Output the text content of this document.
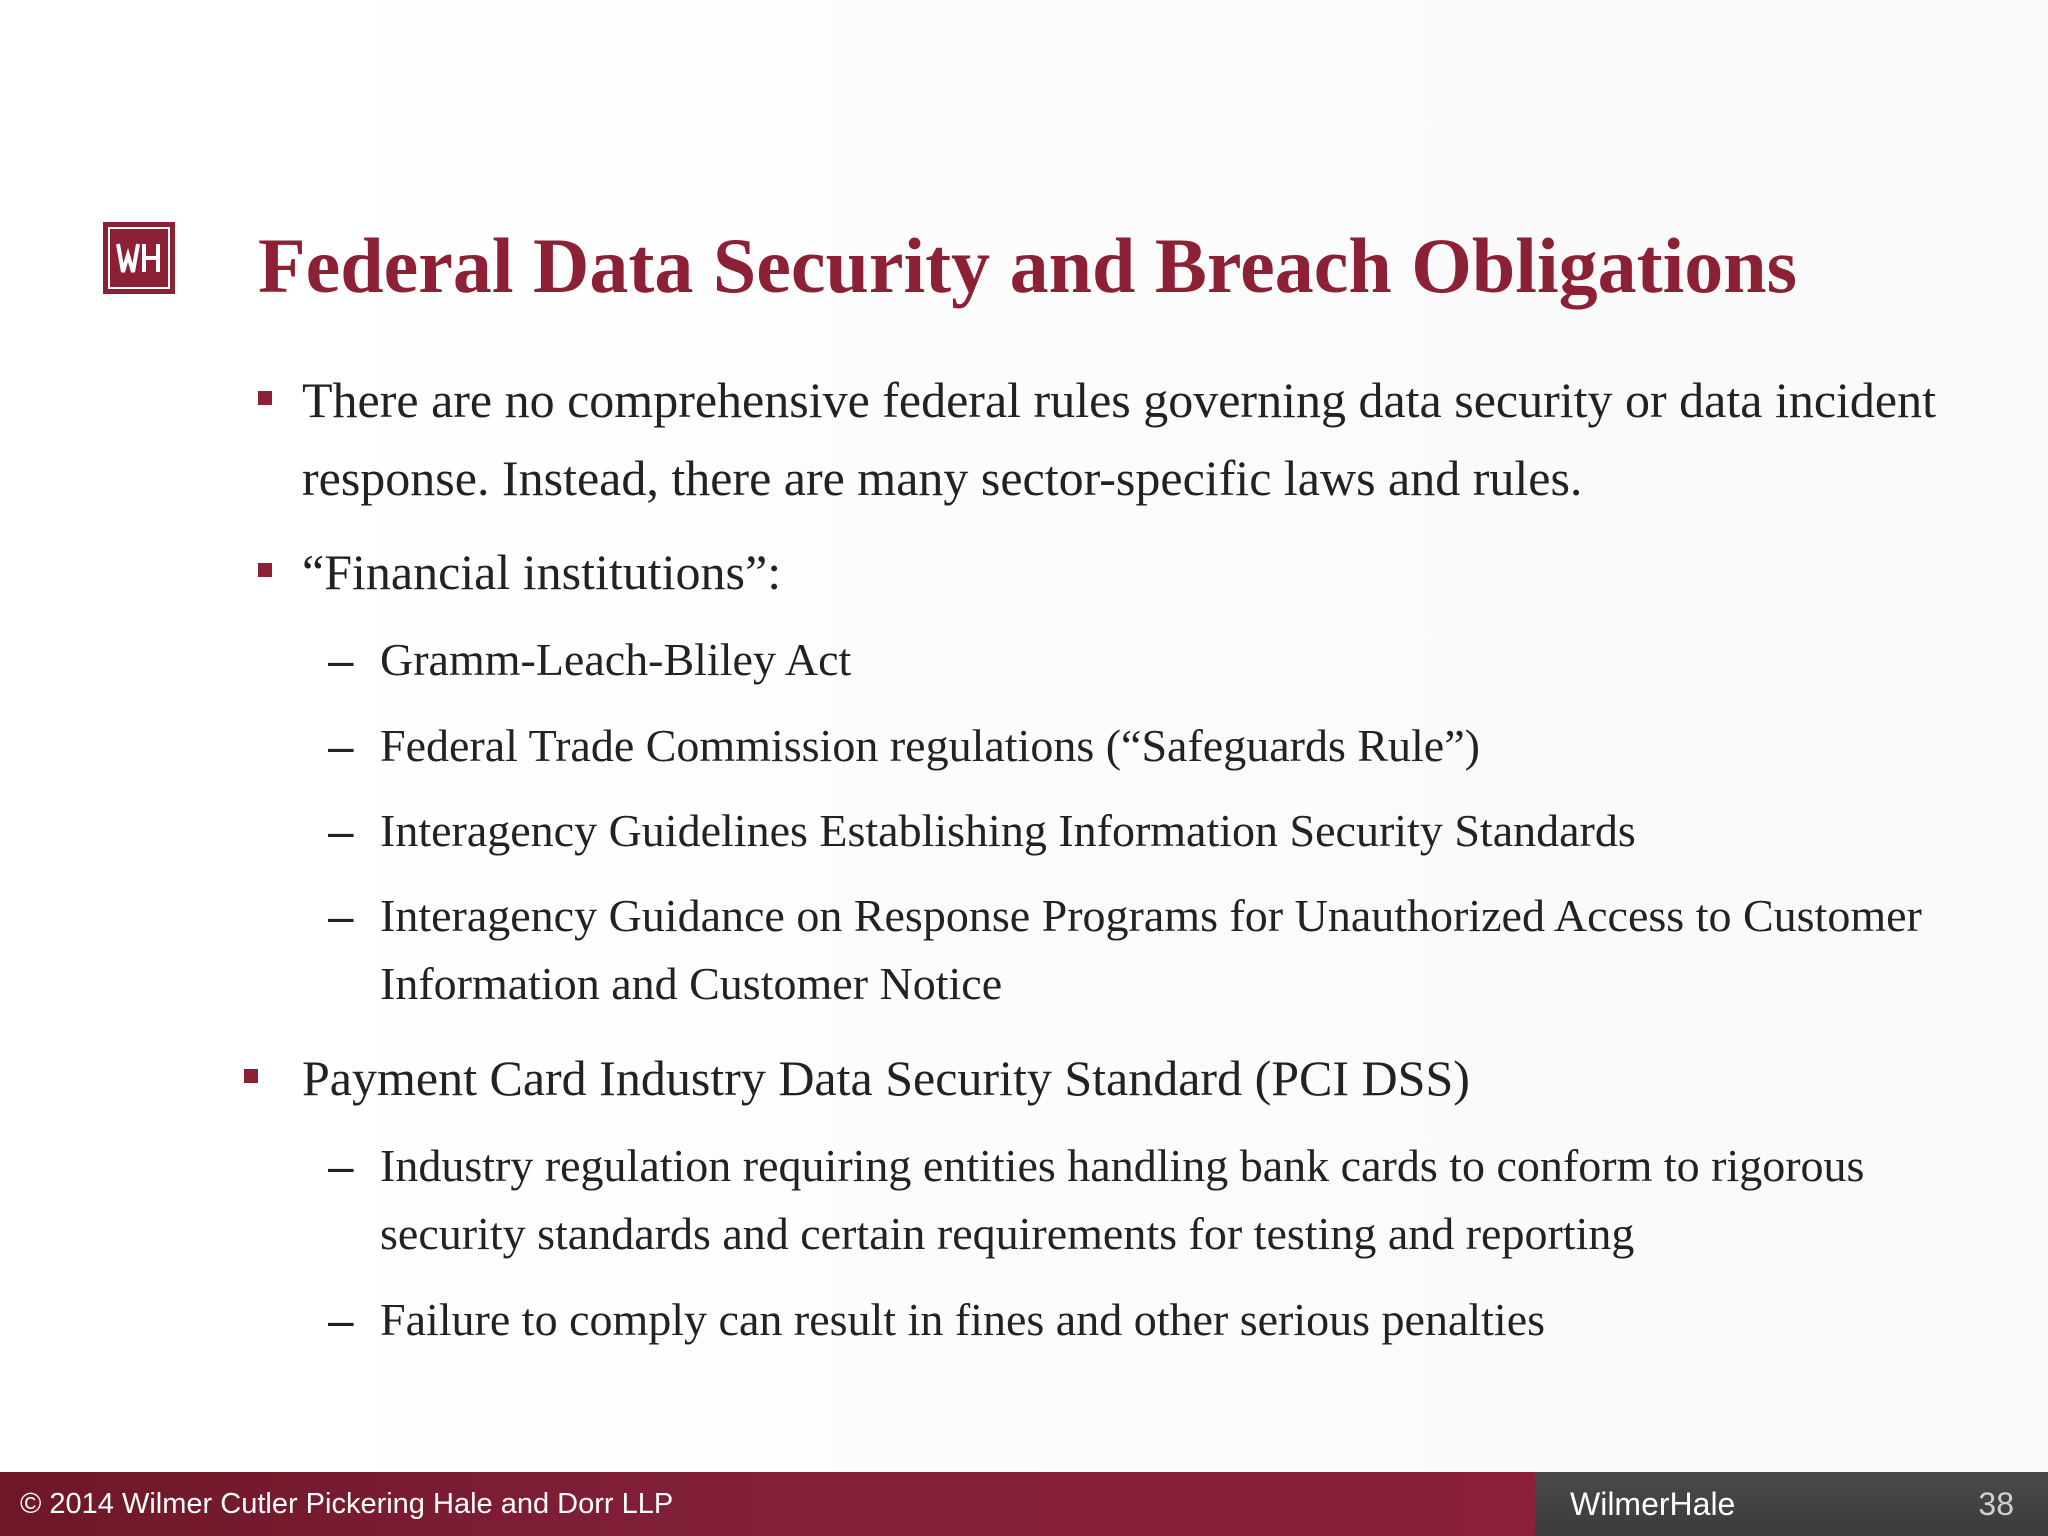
Federal Data Security and Breach Obligations
There are no comprehensive federal rules governing data security or data incident response. Instead, there are many sector-specific laws and rules.
“Financial institutions”:
– Gramm-Leach-Bliley Act
– Federal Trade Commission regulations (“Safeguards Rule”)
– Interagency Guidelines Establishing Information Security Standards
– Interagency Guidance on Response Programs for Unauthorized Access to Customer Information and Customer Notice
Payment Card Industry Data Security Standard (PCI DSS)
– Industry regulation requiring entities handling bank cards to conform to rigorous security standards and certain requirements for testing and reporting
– Failure to comply can result in fines and other serious penalties
© 2014 Wilmer Cutler Pickering Hale and Dorr LLP	WilmerHale	38
